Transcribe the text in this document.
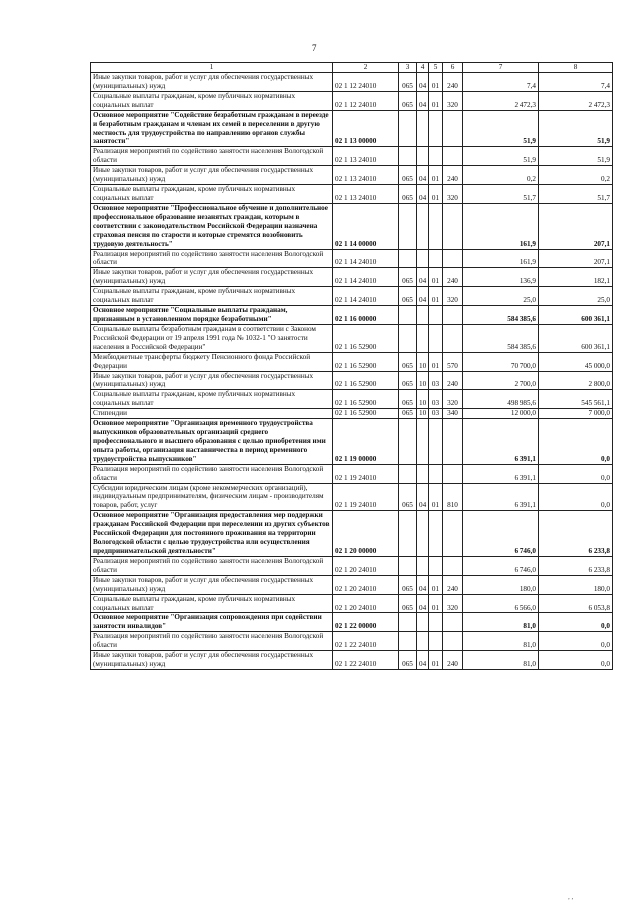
7
1	2	3	4	5	6	7	8
Иные закупки товаров, работ и услуг для обеспечения государственных (муниципальных) нужд	02 1 12 24010	065	04	01	240	7,4	7,4
Социальные выплаты гражданам, кроме публичных нормативных социальных выплат	02 1 12 24010	065	04	01	320	2 472,3	2 472,3
Основное мероприятие "Содействие безработным гражданам в переезде и безработным гражданам и членам их семей в переселении в другую местность для трудоустройства по направлению органов службы занятости"	02 1 13 00000					51,9	51,9
Реализация мероприятий по содействию занятости населения Вологодской области	02 1 13 24010					51,9	51,9
Иные закупки товаров, работ и услуг для обеспечения государственных (муниципальных) нужд	02 1 13 24010	065	04	01	240	0,2	0,2
Социальные выплаты гражданам, кроме публичных нормативных социальных выплат	02 1 13 24010	065	04	01	320	51,7	51,7
Основное мероприятие "Профессиональное обучение и дополнительное профессиональное образование незанятых граждан, которым в соответствии с законодательством Российской Федерации назначена страховая пенсия по старости и которые стремятся возобновить трудовую деятельность"	02 1 14 00000					161,9	207,1
Реализация мероприятий по содействию занятости населения Вологодской области	02 1 14 24010					161,9	207,1
Иные закупки товаров, работ и услуг для обеспечения государственных (муниципальных) нужд	02 1 14 24010	065	04	01	240	136,9	182,1
Социальные выплаты гражданам, кроме публичных нормативных социальных выплат	02 1 14 24010	065	04	01	320	25,0	25,0
Основное мероприятие "Социальные выплаты гражданам, признанным в установленном порядке безработными"	02 1 16 00000					584 385,6	600 361,1
Социальные выплаты безработным гражданам в соответствии с Законом Российской Федерации от 19 апреля 1991 года № 1032-1 "О занятости населения в Российской Федерации"	02 1 16 52900					584 385,6	600 361,1
Межбюджетные трансферты бюджету Пенсионного фонда Российской Федерации	02 1 16 52900	065	10	01	570	70 700,0	45 000,0
Иные закупки товаров, работ и услуг для обеспечения государственных (муниципальных) нужд	02 1 16 52900	065	10	03	240	2 700,0	2 800,0
Социальные выплаты гражданам, кроме публичных нормативных социальных выплат	02 1 16 52900	065	10	03	320	498 985,6	545 561,1
Стипендии	02 1 16 52900	065	10	03	340	12 000,0	7 000,0
Основное мероприятие "Организация временного трудоустройства выпускников образовательных организаций среднего профессионального и высшего образования с целью приобретения ими опыта работы, организация наставничества в период временного трудоустройства выпускников"	02 1 19 00000					6 391,1	0,0
Реализация мероприятий по содействию занятости населения Вологодской области	02 1 19 24010					6 391,1	0,0
Субсидии юридическим лицам (кроме некоммерческих организаций), индивидуальным предпринимателям, физическим лицам - производителям товаров, работ, услуг	02 1 19 24010	065	04	01	810	6 391,1	0,0
Основное мероприятие "Организация предоставления мер поддержки гражданам Российской Федерации при переселении из других субъектов Российской Федерации для постоянного проживания на территории Вологодской области с целью трудоустройства или осуществления предпринимательской деятельности"	02 1 20 00000					6 746,0	6 233,8
Реализация мероприятий по содействию занятости населения Вологодской области	02 1 20 24010					6 746,0	6 233,8
Иные закупки товаров, работ и услуг для обеспечения государственных (муниципальных) нужд	02 1 20 24010	065	04	01	240	180,0	180,0
Социальные выплаты гражданам, кроме публичных нормативных социальных выплат	02 1 20 24010	065	04	01	320	6 566,0	6 053,8
Основное мероприятие "Организация сопровождения при содействии занятости инвалидов"	02 1 22 00000					81,0	0,0
Реализация мероприятий по содействию занятости населения Вологодской области	02 1 22 24010					81,0	0,0
Иные закупки товаров, работ и услуг для обеспечения государственных (муниципальных) нужд	02 1 22 24010	065	04	01	240	81,0	0,0
, ,
